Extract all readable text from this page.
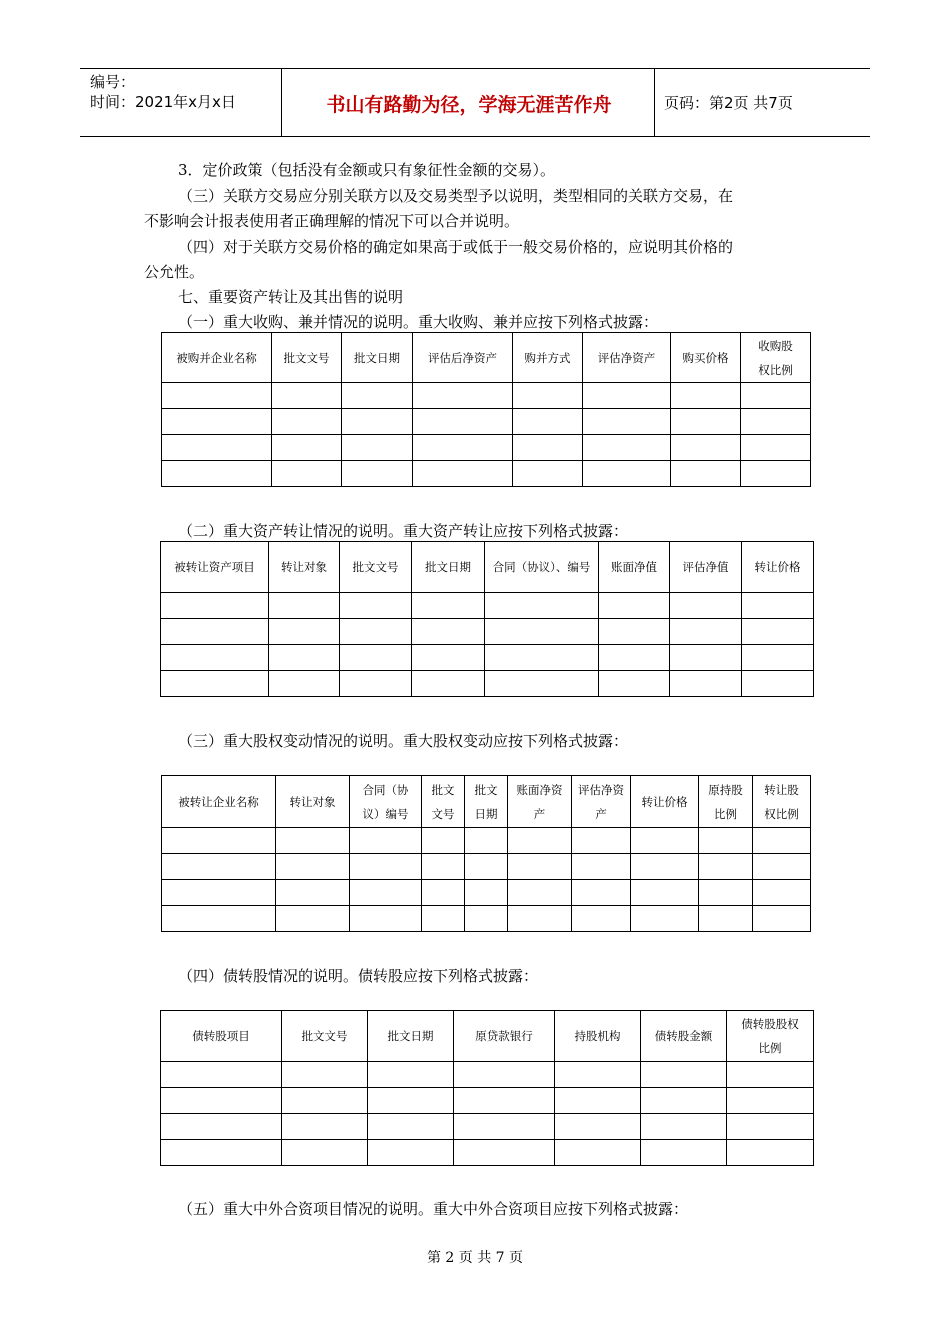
编号：
时间：2021年x月x日	书山有路勤为径，学海无涯苦作舟	页码：第2页 共7页
3．定价政策（包括没有金额或只有象征性金额的交易）。
（三）关联方交易应分别关联方以及交易类型予以说明，类型相同的关联方交易，在
不影响会计报表使用者正确理解的情况下可以合并说明。
（四）对于关联方交易价格的确定如果高于或低于一般交易价格的，应说明其价格的
公允性。
七、重要资产转让及其出售的说明
（一）重大收购、兼并情况的说明。重大收购、兼并应按下列格式披露：
被购并企业名称	批文文号	批文日期	评估后净资产	购并方式	评估净资产	购买价格	收购股权比例

（二）重大资产转让情况的说明。重大资产转让应按下列格式披露：
被转让资产项目	转让对象	批文文号	批文日期	合同（协议）、编号	账面净值	评估净值	转让价格

（三）重大股权变动情况的说明。重大股权变动应按下列格式披露：
被转让企业名称	转让对象	合同（协议）编号	批文文号	批文日期	账面净资产	评估净资产	转让价格	原持股比例	转让股权比例

（四）债转股情况的说明。债转股应按下列格式披露：
债转股项目	批文文号	批文日期	原贷款银行	持股机构	债转股金额	债转股股权比例

（五）重大中外合资项目情况的说明。重大中外合资项目应按下列格式披露：
第 2 页 共 7 页
